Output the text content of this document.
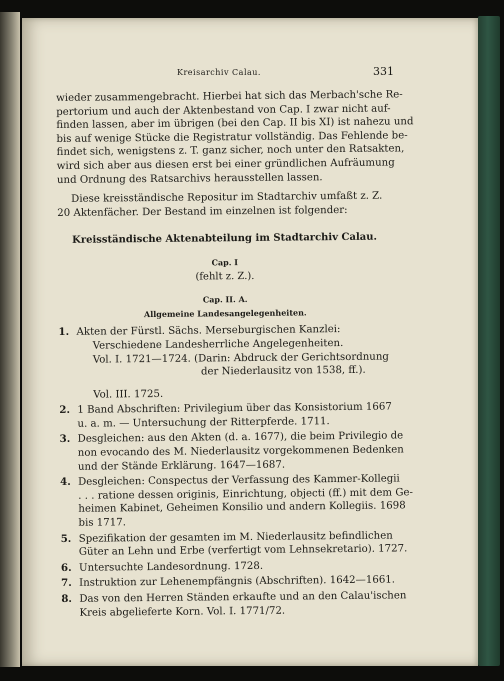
Kreisarchiv Calau.	331
wieder zusammengebracht. Hierbei hat sich das Merbach'sche Re-
pertorium und auch der Aktenbestand von Cap. I zwar nicht auf-
finden lassen, aber im übrigen (bei den Cap. II bis XI) ist nahezu und
bis auf wenige Stücke die Registratur vollständig. Das Fehlende be-
findet sich, wenigstens z. T. ganz sicher, noch unter den Ratsakten,
wird sich aber aus diesen erst bei einer gründlichen Aufräumung
und Ordnung des Ratsarchivs herausstellen lassen.
Diese kreisständische Repositur im Stadtarchiv umfaßt z. Z.
20 Aktenfächer. Der Bestand im einzelnen ist folgender:
Kreisständische Aktenabteilung im Stadtarchiv Calau.
Cap. I
(fehlt z. Z.).
Cap. II. A.
Allgemeine Landesangelegenheiten.
1. Akten der Fürstl. Sächs. Merseburgischen Kanzlei:
Verschiedene Landesherrliche Angelegenheiten.
Vol. I. 1721—1724. (Darin: Abdruck der Gerichtsordnung
der Niederlausitz von 1538, ff.).
Vol. III. 1725.
2. 1 Band Abschriften: Privilegium über das Konsistorium 1667
u. a. m. — Untersuchung der Ritterpferde. 1711.
3. Desgleichen: aus den Akten (d. a. 1677), die beim Privilegio de
non evocando des M. Niederlausitz vorgekommenen Bedenken
und der Stände Erklärung. 1647—1687.
4. Desgleichen: Conspectus der Verfassung des Kammer-Kollegii
. . . ratione dessen originis, Einrichtung, objecti (ff.) mit dem Ge-
heimen Kabinet, Geheimen Konsilio und andern Kollegiis. 1698
bis 1717.
5. Spezifikation der gesamten im M. Niederlausitz befindlichen
Güter an Lehn und Erbe (verfertigt vom Lehnsekretario). 1727.
6. Untersuchte Landesordnung. 1728.
7. Instruktion zur Lehenempfängnis (Abschriften). 1642—1661.
8. Das von den Herren Ständen erkaufte und an den Calau'ischen
Kreis abgelieferte Korn. Vol. I. 1771/72.
